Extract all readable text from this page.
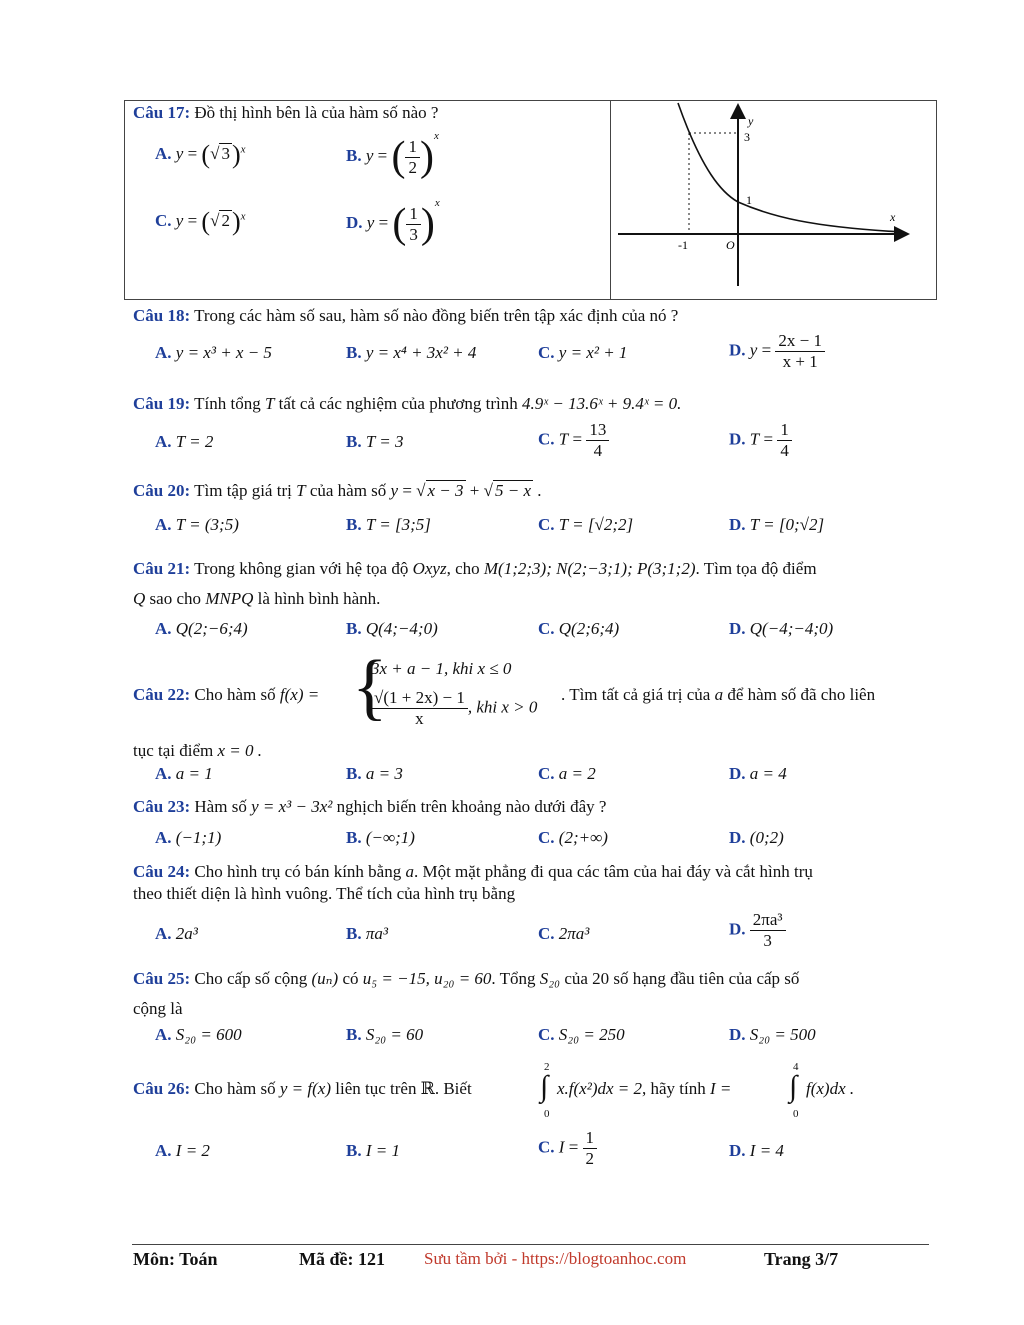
Câu 17: Đồ thị hình bên là của hàm số nào ?
A. y = (√ 3)$^x$	B. y = ( $\frac{1}{2} )^x$
C. y = (√ 2)$^x$	D. y = ( $\frac{1}{3} )^x$
y
3
1
x
-1	O
Câu 18: Trong các hàm số sau, hàm số nào đồng biến trên tập xác định của nó ?
A. y = x³ + x − 5	B. y = x⁴ + 3x² + 4	C. y = x² + 1	D. $y = \frac{2x - 1}{x + 1}$
Câu 19: Tính tổng T tất cả các nghiệm của phương trình 4.9ˣ − 13.6ˣ + 9.4ˣ = 0.
A. T = 2	B. T = 3	C. $T = \frac{13}{4}$	D. $T = \frac{1}{4}$
Câu 20: Tìm tập giá trị T của hàm số y = √ x − 3 + √ 5 − x .
A. T = (3;5)	B. T = [3;5]	C. T = [√2;2]	D. T = [0;√2]
Câu 21: Trong không gian với hệ tọa độ Oxyz, cho M(1;2;3); N(2;−3;1); P(3;1;2). Tìm tọa độ điểm
Q sao cho MNPQ là hình bình hành.
A. Q(2;−6;4)	B. Q(4;−4;0)	C. Q(2;6;4)	D. Q(−4;−4;0)
Câu 22: Cho hàm số f(x) = {
3x + a − 1, khi x ≤ 0
$\frac{√(1 + 2x) - 1}{x}$ , khi x > 0
. Tìm tất cả giá trị của a để hàm số đã cho liên
tục tại điểm x = 0 .
A. a = 1	B. a = 3	C. a = 2	D. a = 4
Câu 23: Hàm số y = x³ − 3x² nghịch biến trên khoảng nào dưới đây ?
A. (−1;1)	B. (−∞;1)	C. (2;+∞)	D. (0;2)
Câu 24: Cho hình trụ có bán kính bằng a. Một mặt phẳng đi qua các tâm của hai đáy và cắt hình trụ
theo thiết diện là hình vuông. Thể tích của hình trụ bằng
A. 2a³	B. πa³	C. 2πa³	D. $\frac{\text{2πa³}}{3}$
Câu 25: Cho cấp số cộng (uₙ) có u₅ = −15, u₂₀ = 60. Tổng S₂₀ của 20 số hạng đầu tiên của cấp số
cộng là
A. S₂₀ = 600	B. S₂₀ = 60	C. S₂₀ = 250	D. S₂₀ = 500
Câu 26: Cho hàm số y = f(x) liên tục trên ℝ. Biết
2
∫
0
x.f(x²)dx = 2, hãy tính I =
4
∫
0
f(x)dx .
A. I = 2	B. I = 1	C. $I = \frac{1}{2}$	D. I = 4
Môn: Toán	Mã đề: 121 Sưu tầm bởi - https://blogtoanhoc.com	Trang 3/7
